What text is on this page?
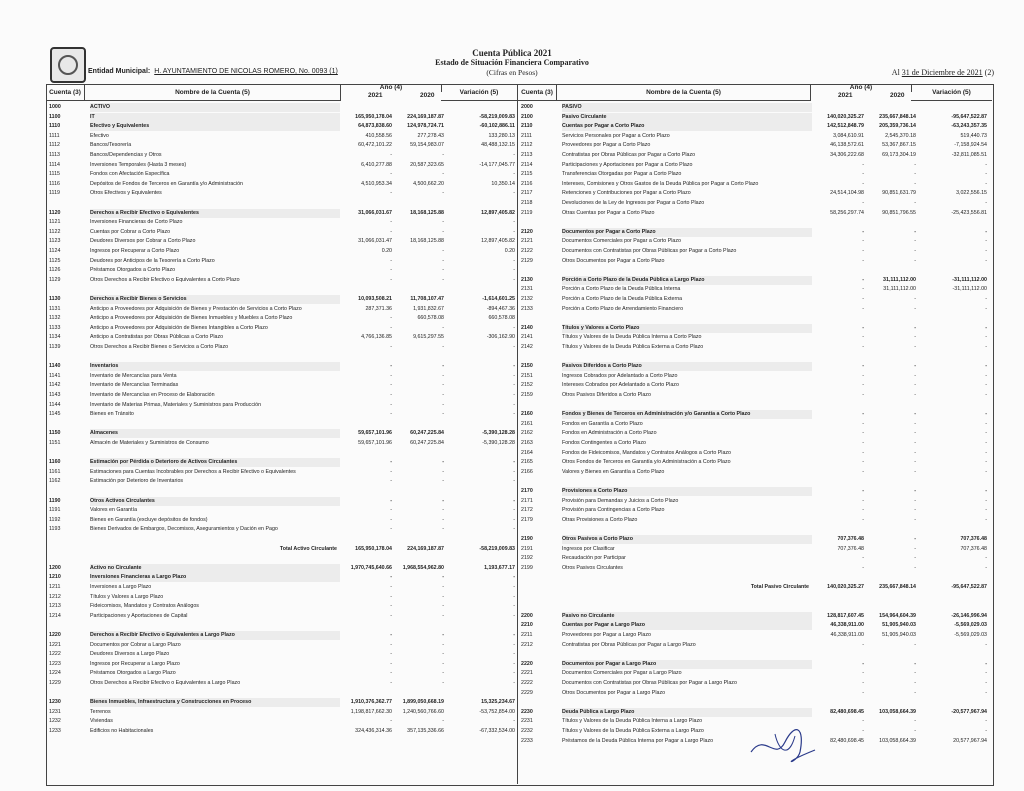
Cuenta Pública 2021
Estado de Situación Financiera Comparativo
(Cifras en Pesos)
Entidad Municipal: H. AYUNTAMIENTO DE NICOLAS ROMERO, No. 0093 (1)	Al 31 de Diciembre de 2021 (2)
Cuenta (3)	Nombre de la Cuenta (5)
Año (4)
2021	2020	Variación (5)	Cuenta (3)	Nombre de la Cuenta (5)
Año (4)
2021	2020	Variación (5)
1000	ACTIVO
1100	IT	165,950,178.04	224,169,187.87	-58,219,009.83
1110	Efectivo y Equivalentes	64,873,838.60	124,978,724.71	-60,102,886.11
1111	Efectivo	410,558.56	277,278.43	133,280.13
1112	Bancos/Tesorería	60,472,101.22	59,154,983.07	48,488,132.15
1113	Bancos/Dependencias y Otros	-	-	-
1114	Inversiones Temporales (Hasta 3 meses)	6,410,277.88	20,587,323.65	-14,177,045.77
1115	Fondos con Afectación Específica	-	-	-
1116	Depósitos de Fondos de Terceros en Garantía y/o Administración	4,510,953.34	4,500,662.20	10,350.14
1119	Otros Efectivos y Equivalentes	-	-	-
1120	Derechos a Recibir Efectivo o Equivalentes	31,066,031.67	18,168,125.88	12,897,405.82
1121	Inversiones Financieras de Corto Plazo	-	-	-
1122	Cuentas por Cobrar a Corto Plazo	-	-	-
1123	Deudores Diversos por Cobrar a Corto Plazo	31,066,031.47	18,168,125.88	12,897,405.82
1124	Ingresos por Recuperar a Corto Plazo	0.20	-	0.20
1125	Deudores por Anticipos de la Tesorería a Corto Plazo	-	-	-
1126	Préstamos Otorgados a Corto Plazo	-	-	-
1129	Otros Derechos a Recibir Efectivo o Equivalentes a Corto Plazo	-	-	-
1130	Derechos a Recibir Bienes o Servicios	10,093,508.21	11,708,107.47	-1,614,601.25
1131	Anticipo a Proveedores por Adquisición de Bienes y Prestación de Servicios a Corto Plazo	287,371.36	1,931,832.67	-894,467.36
1132	Anticipo a Proveedores por Adquisición de Bienes Inmuebles y Muebles a Corto Plazo	-	660,578.08	660,578.08
1133	Anticipo a Proveedores por Adquisición de Bienes Intangibles a Corto Plazo	-	-	-
1134	Anticipo a Contratistas por Obras Públicas a Corto Plazo	4,766,136.85	9,615,297.55	-306,162.90
1139	Otros Derechos a Recibir Bienes o Servicios a Corto Plazo	-	-	-
1140	Inventarios	-	-	-
1141	Inventario de Mercancías para Venta	-	-	-
1142	Inventario de Mercancías Terminadas	-	-	-
1143	Inventario de Mercancías en Proceso de Elaboración	-	-	-
1144	Inventario de Materias Primas, Materiales y Suministros para Producción	-	-	-
1145	Bienes en Tránsito	-	-	-
1150	Almacenes	59,657,101.96	60,247,225.84	-5,390,128.28
1151	Almacén de Materiales y Suministros de Consumo	59,657,101.96	60,247,225.84	-5,390,128.28
1160	Estimación por Pérdida o Deterioro de Activos Circulantes	-	-	-
1161	Estimaciones para Cuentas Incobrables por Derechos a Recibir Efectivo o Equivalentes	-	-	-
1162	Estimación por Deterioro de Inventarios	-	-	-
1190	Otros Activos Circulantes	-	-	-
1191	Valores en Garantía	-	-	-
1192	Bienes en Garantía (excluye depósitos de fondos)	-	-	-
1193	Bienes Derivados de Embargos, Decomisos, Aseguramientos y Dación en Pago	-	-	-
Total Activo Circulante	165,950,178.04	224,169,187.87	-58,219,009.83
1200	Activo no Circulante	1,970,745,640.66	1,968,554,962.80	1,193,677.17
1210	Inversiones Financieras a Largo Plazo	-	-	-
1211	Inversiones a Largo Plazo	-	-	-
1212	Títulos y Valores a Largo Plazo	-	-	-
1213	Fideicomisos, Mandatos y Contratos Análogos	-	-	-
1214	Participaciones y Aportaciones de Capital	-	-	-
1220	Derechos a Recibir Efectivo o Equivalentes a Largo Plazo	-	-	-
1221	Documentos por Cobrar a Largo Plazo	-	-	-
1222	Deudores Diversos a Largo Plazo	-	-	-
1223	Ingresos por Recuperar a Largo Plazo	-	-	-
1224	Préstamos Otorgados a Largo Plazo	-	-	-
1229	Otros Derechos a Recibir Efectivo o Equivalentes a Largo Plazo	-	-	-
1230	Bienes Inmuebles, Infraestructura y Construcciones en Proceso	1,910,376,362.77	1,899,050,668.19	15,325,234.67
1231	Terrenos	1,198,817,662.30	1,240,560,766.60	-53,752,854.00
1232	Viviendas	-	-	-
1233	Edificios no Habitacionales	324,436,314.36	357,135,336.66	-67,332,534.00
2000	PASIVO
2100	Pasivo Circulante	140,020,325.27	235,667,848.14	-95,647,522.87
2110	Cuentas por Pagar a Corto Plazo	142,512,848.79	205,359,736.14	-63,243,357.35
2111	Servicios Personales por Pagar a Corto Plazo	3,084,610.91	2,545,370.18	519,440.73
2112	Proveedores por Pagar a Corto Plazo	46,138,572.61	53,367,867.15	-7,158,924.54
2113	Contratistas por Obras Públicas por Pagar a Corto Plazo	34,306,222.68	69,173,304.19	-32,811,085.51
2114	Participaciones y Aportaciones por Pagar a Corto Plazo	-	-	-
2115	Transferencias Otorgadas por Pagar a Corto Plazo	-	-	-
2116	Intereses, Comisiones y Otros Gastos de la Deuda Pública por Pagar a Corto Plazo	-	-	-
2117	Retenciones y Contribuciones por Pagar a Corto Plazo	24,514,104.98	90,851,631.79	3,022,556.15
2118	Devoluciones de la Ley de Ingresos por Pagar a Corto Plazo	-	-	-
2119	Otras Cuentas por Pagar a Corto Plazo	58,256,297.74	90,851,796.55	-25,423,556.81
2120	Documentos por Pagar a Corto Plazo	-	-	-
2121	Documentos Comerciales por Pagar a Corto Plazo	-	-	-
2122	Documentos con Contratistas por Obras Públicas por Pagar a Corto Plazo	-	-	-
2129	Otros Documentos por Pagar a Corto Plazo	-	-	-
2130	Porción a Corto Plazo de la Deuda Pública a Largo Plazo	-	31,111,112.00	-31,111,112.00
2131	Porción a Corto Plazo de la Deuda Pública Interna	-	31,111,112.00	-31,111,112.00
2132	Porción a Corto Plazo de la Deuda Pública Externa	-	-	-
2133	Porción a Corto Plazo de Arrendamiento Financiero	-	-	-
2140	Títulos y Valores a Corto Plazo	-	-	-
2141	Títulos y Valores de la Deuda Pública Interna a Corto Plazo	-	-	-
2142	Títulos y Valores de la Deuda Pública Externa a Corto Plazo	-	-	-
2150	Pasivos Diferidos a Corto Plazo	-	-	-
2151	Ingresos Cobrados por Adelantado a Corto Plazo	-	-	-
2152	Intereses Cobrados por Adelantado a Corto Plazo	-	-	-
2159	Otros Pasivos Diferidos a Corto Plazo	-	-	-
2160	Fondos y Bienes de Terceros en Administración y/o Garantía a Corto Plazo	-	-	-
2161	Fondos en Garantía a Corto Plazo	-	-	-
2162	Fondos en Administración a Corto Plazo	-	-	-
2163	Fondos Contingentes a Corto Plazo	-	-	-
2164	Fondos de Fideicomisos, Mandatos y Contratos Análogos a Corto Plazo	-	-	-
2165	Otros Fondos de Terceros en Garantía y/o Administración a Corto Plazo	-	-	-
2166	Valores y Bienes en Garantía a Corto Plazo	-	-	-
2170	Provisiones a Corto Plazo	-	-	-
2171	Provisión para Demandas y Juicios a Corto Plazo	-	-	-
2172	Provisión para Contingencias a Corto Plazo	-	-	-
2179	Otras Provisiones a Corto Plazo	-	-	-
2190	Otros Pasivos a Corto Plazo	707,376.48	-	707,376.48
2191	Ingresos por Clasificar	707,376.48	-	707,376.48
2192	Recaudación por Participar	-	-	-
2199	Otros Pasivos Circulantes	-	-	-
Total Pasivo Circulante	140,020,325.27	235,667,848.14	-95,647,522.87
2200	Pasivo no Circulante	128,817,607.45	154,964,604.39	-26,146,996.94
2210	Cuentas por Pagar a Largo Plazo	46,338,911.00	51,905,940.03	-5,569,029.03
2211	Proveedores por Pagar a Largo Plazo	46,338,911.00	51,905,940.03	-5,569,029.03
2212	Contratistas por Obras Públicas por Pagar a Largo Plazo	-	-	-
2220	Documentos por Pagar a Largo Plazo	-	-	-
2221	Documentos Comerciales por Pagar a Largo Plazo	-	-	-
2222	Documentos con Contratistas por Obras Públicas por Pagar a Largo Plazo	-	-	-
2229	Otros Documentos por Pagar a Largo Plazo	-	-	-
2230	Deuda Pública a Largo Plazo	82,480,698.45	103,058,664.39	-20,577,967.94
2231	Títulos y Valores de la Deuda Pública Interna a Largo Plazo	-	-	-
2232	Títulos y Valores de la Deuda Pública Externa a Largo Plazo	-	-	-
2233	Préstamos de la Deuda Pública Interna por Pagar a Largo Plazo	82,480,698.45	103,058,664.39	20,577,967.94
